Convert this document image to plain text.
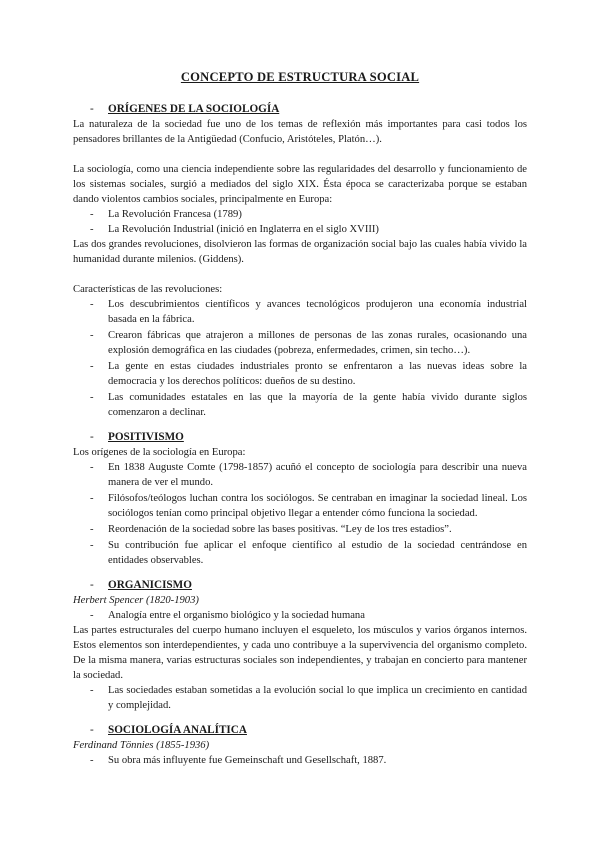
CONCEPTO DE ESTRUCTURA SOCIAL
- ORÍGENES DE LA SOCIOLOGÍA

La naturaleza de la sociedad fue uno de los temas de reflexión más importantes para casi todos los pensadores brillantes de la Antigüedad (Confucio, Aristóteles, Platón…).

La sociología, como una ciencia independiente sobre las regularidades del desarrollo y funcionamiento de los sistemas sociales, surgió a mediados del siglo XIX. Ésta época se caracterizaba porque se estaban dando violentos cambios sociales, principalmente en Europa:

- La Revolución Francesa (1789)
- La Revolución Industrial (inició en Inglaterra en el siglo XVIII)

Las dos grandes revoluciones, disolvieron las formas de organización social bajo las cuales había vivido la humanidad durante milenios. (Giddens).

Características de las revoluciones:

- Los descubrimientos científicos y avances tecnológicos produjeron una economía industrial basada en la fábrica.
- Crearon fábricas que atrajeron a millones de personas de las zonas rurales, ocasionando una explosión demográfica en las ciudades (pobreza, enfermedades, crimen, sin techo…).
- La gente en estas ciudades industriales pronto se enfrentaron a las nuevas ideas sobre la democracia y los derechos políticos: dueños de su destino.
- Las comunidades estatales en las que la mayoría de la gente había vivido durante siglos comenzaron a declinar.
- POSITIVISMO

Los orígenes de la sociología en Europa:

- En 1838 Auguste Comte (1798-1857) acuñó el concepto de sociología para describir una nueva manera de ver el mundo.
- Filósofos/teólogos luchan contra los sociólogos. Se centraban en imaginar la sociedad lineal. Los sociólogos tenían como principal objetivo llegar a entender cómo funciona la sociedad.
- Reordenación de la sociedad sobre las bases positivas. “Ley de los tres estadios”.
- Su contribución fue aplicar el enfoque científico al estudio de la sociedad centrándose en entidades observables.
- ORGANICISMO

Herbert Spencer (1820-1903)

- Analogía entre el organismo biológico y la sociedad humana

Las partes estructurales del cuerpo humano incluyen el esqueleto, los músculos y varios órganos internos. Estos elementos son interdependientes, y cada uno contribuye a la supervivencia del organismo completo. De la misma manera, varias estructuras sociales son independientes, y trabajan en concierto para mantener la sociedad.

- Las sociedades estaban sometidas a la evolución social lo que implica un crecimiento en cantidad y complejidad.
- SOCIOLOGÍA ANALÍTICA

Ferdinand Tönnies (1855-1936)

- Su obra más influyente fue Gemeinschaft und Gesellschaft, 1887.
